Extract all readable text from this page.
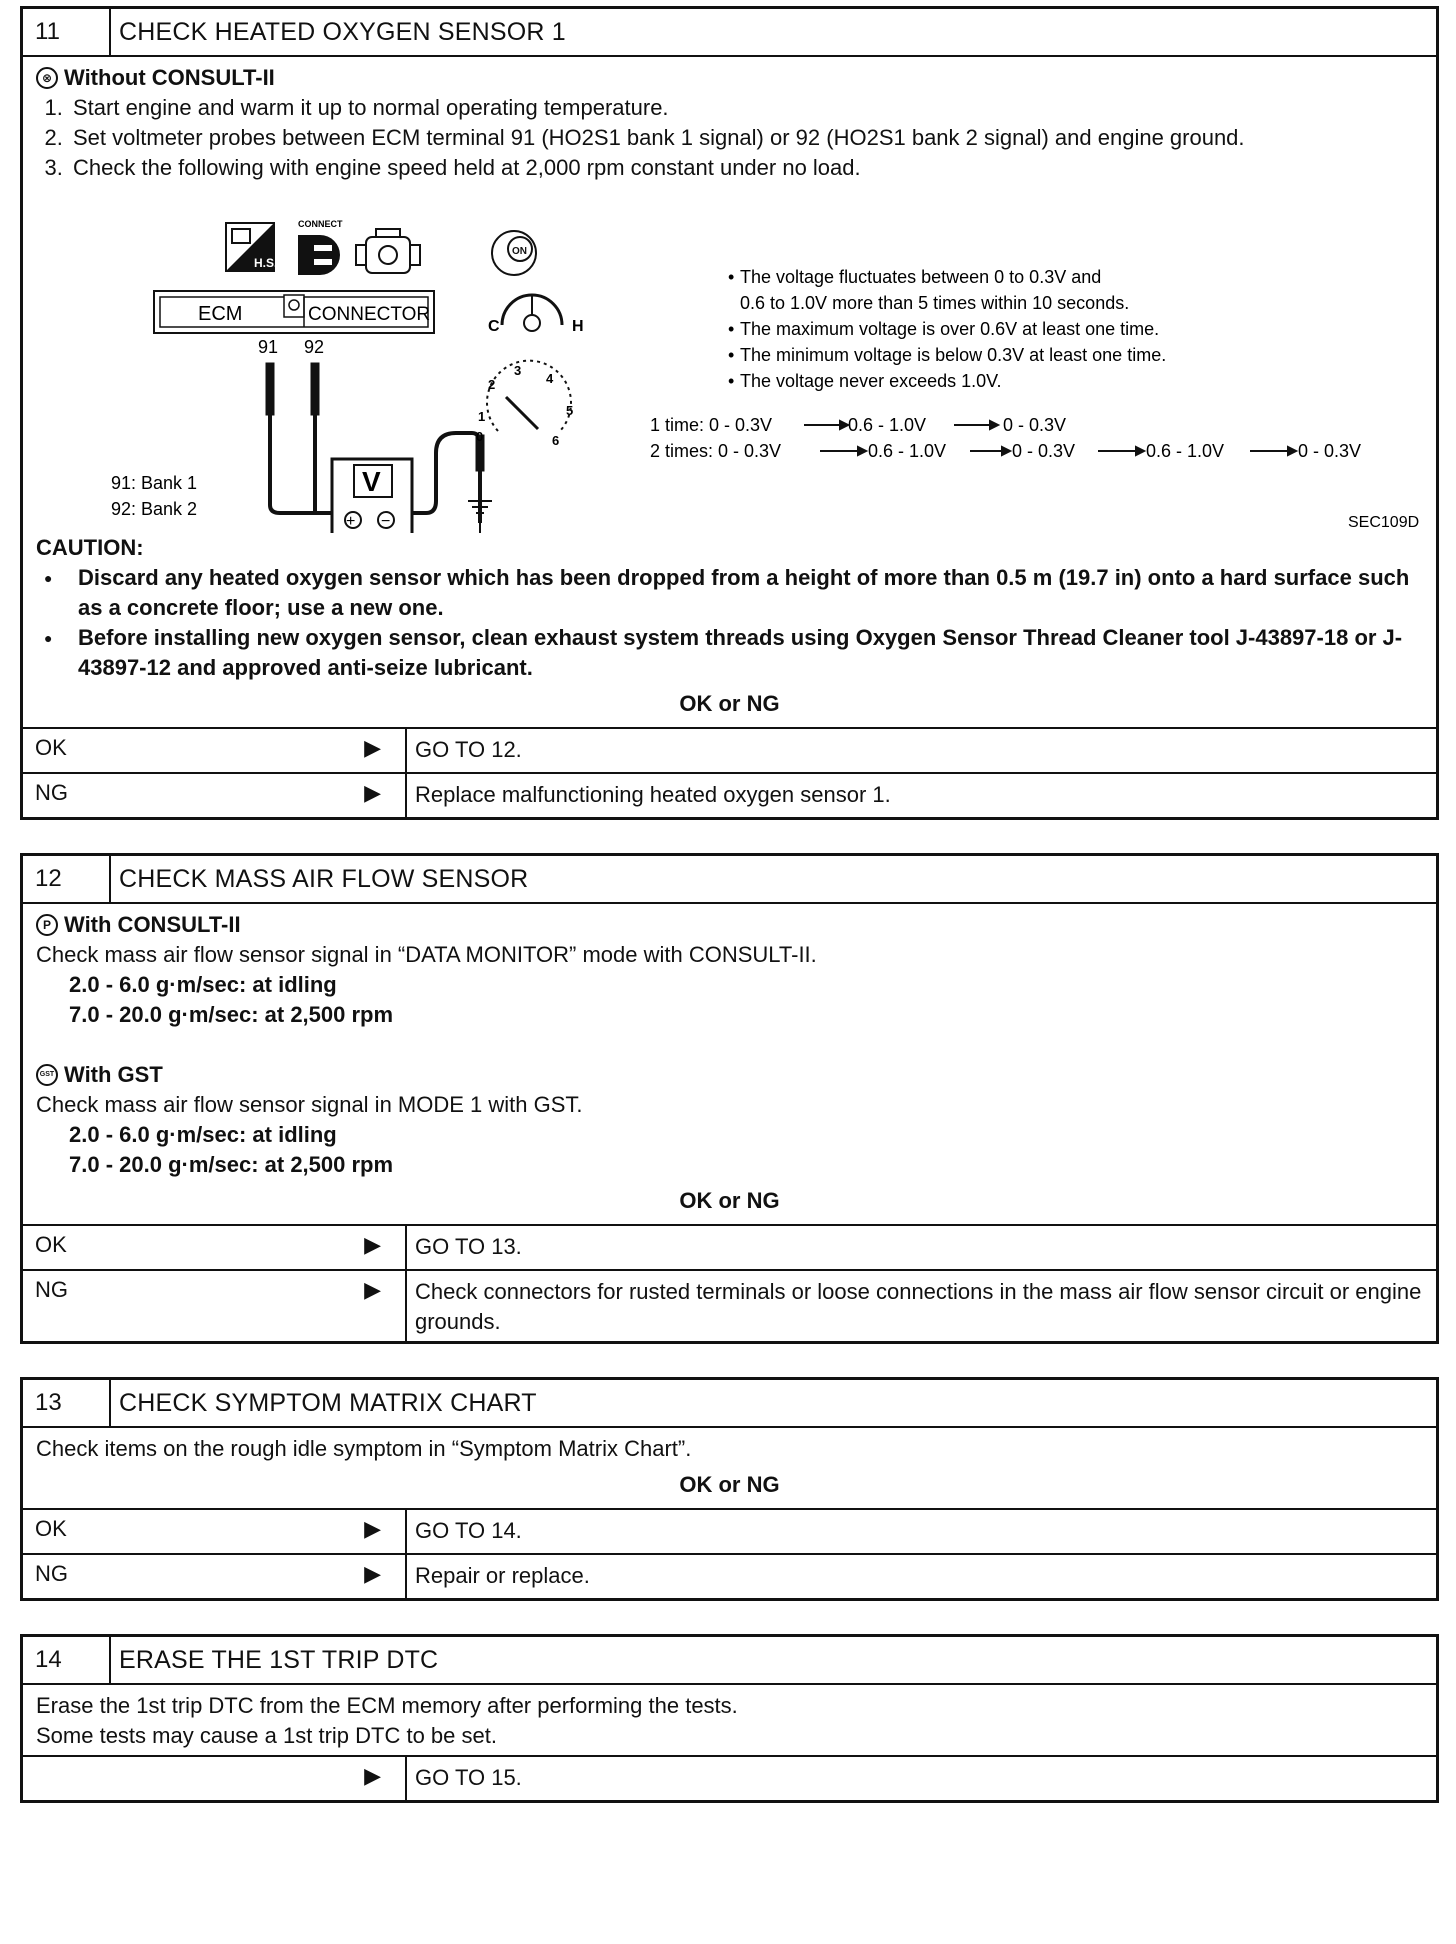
11	CHECK HEATED OXYGEN SENSOR 1
⊗ Without CONSULT-II
1. Start engine and warm it up to normal operating temperature.
2. Set voltmeter probes between ECM terminal 91 (HO2S1 bank 1 signal) or 92 (HO2S1 bank 2 signal) and engine ground.
3. Check the following with engine speed held at 2,000 rpm constant under no load.
H.S.
CONNECT
ON
ECM	CONNECTOR
91 92
V
+ −
91: Bank 1
92: Bank 2
C	H
0
1
2
3
4
5
6
• The voltage fluctuates between 0 to 0.3V and
0.6 to 1.0V more than 5 times within 10 seconds.
• The maximum voltage is over 0.6V at least one time.
• The minimum voltage is below 0.3V at least one time.
• The voltage never exceeds 1.0V.
1 time: 0 - 0.3V	0.6 - 1.0V	0 - 0.3V
2 times: 0 - 0.3V	0.6 - 1.0V	0 - 0.3V	0.6 - 1.0V	0 - 0.3V
SEC109D
CAUTION:
● Discard any heated oxygen sensor which has been dropped from a height of more than 0.5 m (19.7 in) onto a hard surface such as a concrete floor; use a new one.
● Before installing new oxygen sensor, clean exhaust system threads using Oxygen Sensor Thread Cleaner tool J-43897-18 or J-43897-12 and approved anti-seize lubricant.
OK or NG
OK	▶	GO TO 12.
NG	▶	Replace malfunctioning heated oxygen sensor 1.
12	CHECK MASS AIR FLOW SENSOR
P With CONSULT-II
Check mass air flow sensor signal in “DATA MONITOR” mode with CONSULT-II.
2.0 - 6.0 g·m/sec: at idling
7.0 - 20.0 g·m/sec: at 2,500 rpm
GST With GST
Check mass air flow sensor signal in MODE 1 with GST.
2.0 - 6.0 g·m/sec: at idling
7.0 - 20.0 g·m/sec: at 2,500 rpm
OK or NG
OK	▶	GO TO 13.
NG	▶	Check connectors for rusted terminals or loose connections in the mass air flow sensor circuit or engine grounds.
13	CHECK SYMPTOM MATRIX CHART
Check items on the rough idle symptom in “Symptom Matrix Chart”.
OK or NG
OK	▶	GO TO 14.
NG	▶	Repair or replace.
14	ERASE THE 1ST TRIP DTC
Erase the 1st trip DTC from the ECM memory after performing the tests.
Some tests may cause a 1st trip DTC to be set.
▶	GO TO 15.
